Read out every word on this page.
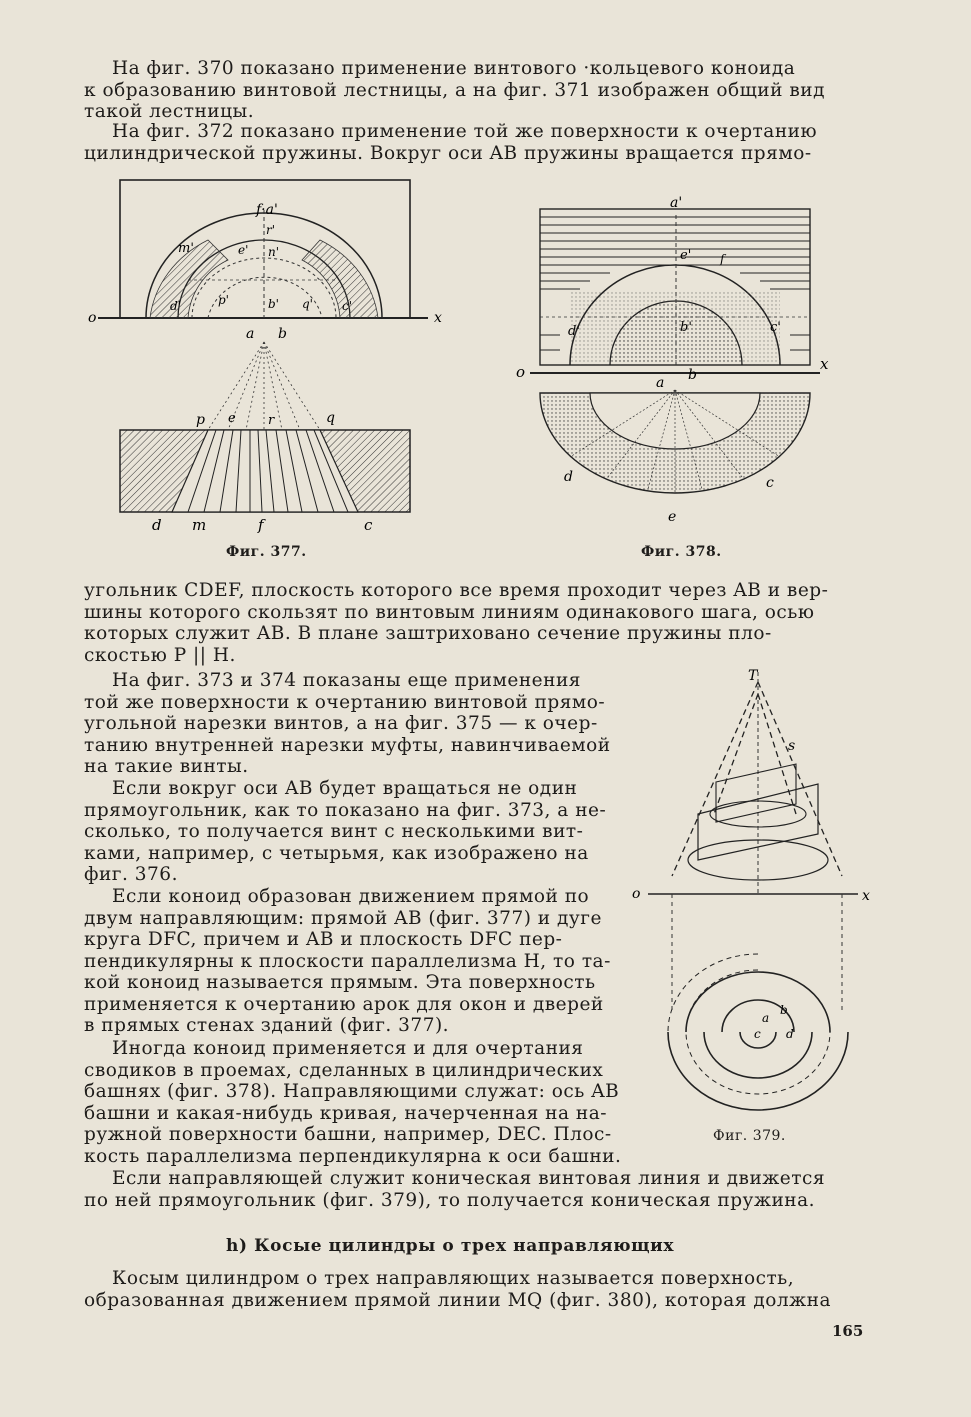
На фиг. 370 показано применение винтового ·кольцевого коноида
к образованию винтовой лестницы, а на фиг. 371 изображен общий вид
такой лестницы.
На фиг. 372 показано применение той же поверхности к очертанию
цилиндрической пружины. Вокруг оси AB пружины вращается прямо-
f·a'
r'
n'
e'
m'
d'	p'	b' q' c'
o	x
a b
p e r	q
d m	f	c
Фиг. 377.
a'
e' f
d'	b'	c'
o	x
a b
d	c
e
Фиг. 378.
угольник CDEF, плоскость которого все время проходит через AB и вер-
шины которого скользят по винтовым линиям одинакового шага, осью
которых служит AB. В плане заштриховано сечение пружины пло-
скостью P || H.
На фиг. 373 и 374 показаны еще применения
той же поверхности к очертанию винтовой прямо-
угольной нарезки винтов, а на фиг. 375 — к очер-
танию внутренней нарезки муфты, навинчиваемой
на такие винты.
Если вокруг оси AB будет вращаться не один
прямоугольник, как то показано на фиг. 373, а не-
сколько, то получается винт с несколькими вит-
ками, например, с четырьмя, как изображено на
фиг. 376.
Если коноид образован движением прямой по
двум направляющим: прямой AB (фиг. 377) и дуге
круга DFC, причем и AB и плоскость DFC пер-
пендикулярны к плоскости параллелизма H, то та-
кой коноид называется прямым. Эта поверхность
применяется к очертанию арок для окон и дверей
в прямых стенах зданий (фиг. 377).
Иногда коноид применяется и для очертания
сводиков в проемах, сделанных в цилиндрических
башнях (фиг. 378). Направляющими служат: ось AB
башни и какая-нибудь кривая, начерченная на на-
ружной поверхности башни, например, DEC. Плос-
кость параллелизма перпендикулярна к оси башни.
T
s
o	x
a
b
c d
Фиг. 379.
Если направляющей служит коническая винтовая линия и движется
по ней прямоугольник (фиг. 379), то получается коническая пружина.
h) Косые цилиндры о трех направляющих
Косым цилиндром о трех направляющих называется поверхность,
образованная движением прямой линии MQ (фиг. 380), которая должна
165
